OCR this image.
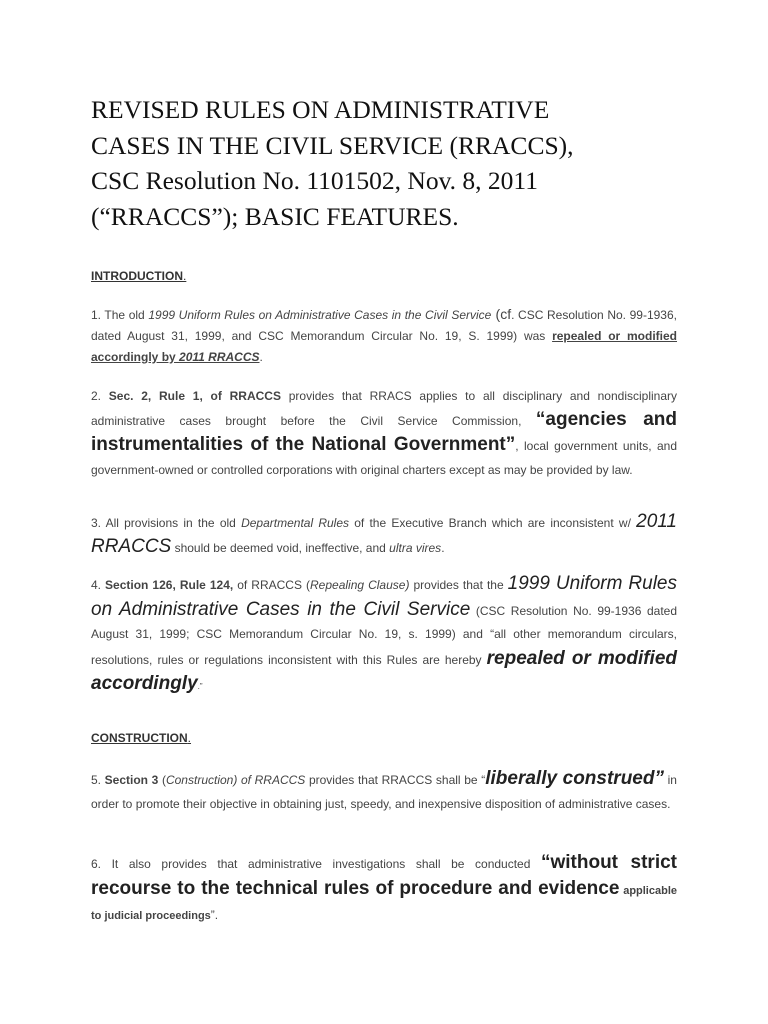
REVISED RULES ON ADMINISTRATIVE
CASES IN THE CIVIL SERVICE (RRACCS),
CSC Resolution No. 1101502, Nov. 8, 2011
(“RRACCS”); BASIC FEATURES.

INTRODUCTION.

1. The old 1999 Uniform Rules on Administrative Cases in the Civil Service (cf. CSC Resolution No. 99-1936, dated August 31, 1999, and CSC Memorandum Circular No. 19, S. 1999) was repealed or modified accordingly by 2011 RRACCS.

2. Sec. 2, Rule 1, of RRACCS provides that RRACS applies to all disciplinary and nondisciplinary administrative cases brought before the Civil Service Commission, “agencies and instrumentalities of the National Government”, local government units, and government-owned or controlled corporations with original charters except as may be provided by law.

3. All provisions in the old Departmental Rules of the Executive Branch which are inconsistent w/ 2011 RRACCS should be deemed void, ineffective, and ultra vires.

4. Section 126, Rule 124, of RRACCS (Repealing Clause) provides that the 1999 Uniform Rules on Administrative Cases in the Civil Service (CSC Resolution No. 99-1936 dated August 31, 1999; CSC Memorandum Circular No. 19, s. 1999) and “all other memorandum circulars, resolutions, rules or regulations inconsistent with this Rules are hereby repealed or modified accordingly.”

CONSTRUCTION.

5. Section 3 (Construction) of RRACCS provides that RRACCS shall be “liberally construed” in order to promote their objective in obtaining just, speedy, and inexpensive disposition of administrative cases.

6. It also provides that administrative investigations shall be conducted “without strict recourse to the technical rules of procedure and evidence applicable to judicial proceedings”.
